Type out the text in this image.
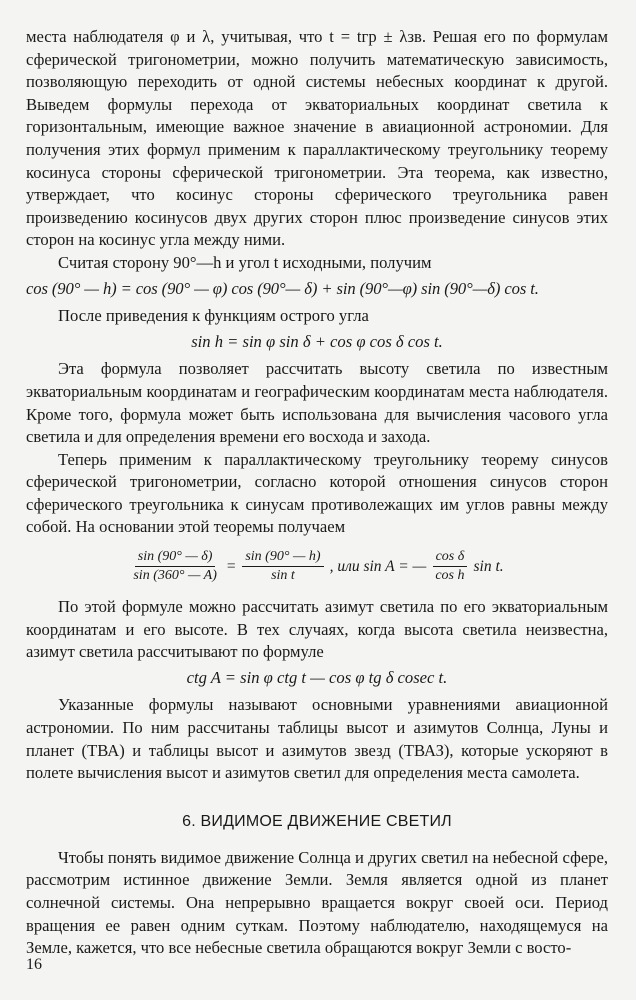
места наблюдателя φ и λ, учитывая, что t = tгр ± λзв. Решая его по формулам сферической тригонометрии, можно получить математическую зависимость, позволяющую переходить от одной системы небесных координат к другой. Выведем формулы перехода от экваториальных координат светила к горизонтальным, имеющие важное значение в авиационной астрономии. Для получения этих формул применим к параллактическому треугольнику теорему косинуса стороны сферической тригонометрии. Эта теорема, как известно, утверждает, что косинус стороны сферического треугольника равен произведению косинусов двух других сторон плюс произведение синусов этих сторон на косинус угла между ними.

Считая сторону 90°—h и угол t исходными, получим

cos (90° — h) = cos (90° — φ) cos (90°— δ) + sin (90°—φ) sin (90°—δ) cos t.

После приведения к функциям острого угла

sin h = sin φ sin δ + cos φ cos δ cos t.

Эта формула позволяет рассчитать высоту светила по известным экваториальным координатам и географическим координатам места наблюдателя. Кроме того, формула может быть использована для вычисления часового угла светила и для определения времени его восхода и захода.

Теперь применим к параллактическому треугольнику теорему синусов сферической тригонометрии, согласно которой отношения синусов сторон сферического треугольника к синусам противолежащих им углов равны между собой. На основании этой теоремы получаем

$\frac{\sin (90^\circ — \delta)}{\sin (360^\circ — A)} = \frac{\sin (90^\circ — h)}{\text{sin t}}$ , или sin A = — $\frac{\text{cos δ}}{\text{cos h}}$ sin t.

По этой формуле можно рассчитать азимут светила по его экваториальным координатам и его высоте. В тех случаях, когда высота светила неизвестна, азимут светила рассчитывают по формуле

ctg A = sin φ ctg t — cos φ tg δ cosec t.

Указанные формулы называют основными уравнениями авиационной астрономии. По ним рассчитаны таблицы высот и азимутов Солнца, Луны и планет (ТВА) и таблицы высот и азимутов звезд (ТВАЗ), которые ускоряют в полете вычисления высот и азимутов светил для определения места самолета.

6. ВИДИМОЕ ДВИЖЕНИЕ СВЕТИЛ

Чтобы понять видимое движение Солнца и других светил на небесной сфере, рассмотрим истинное движение Земли. Земля является одной из планет солнечной системы. Она непрерывно вращается вокруг своей оси. Период вращения ее равен одним суткам. Поэтому наблюдателю, находящемуся на Земле, кажется, что все небесные светила обращаются вокруг Земли с восто-

16
